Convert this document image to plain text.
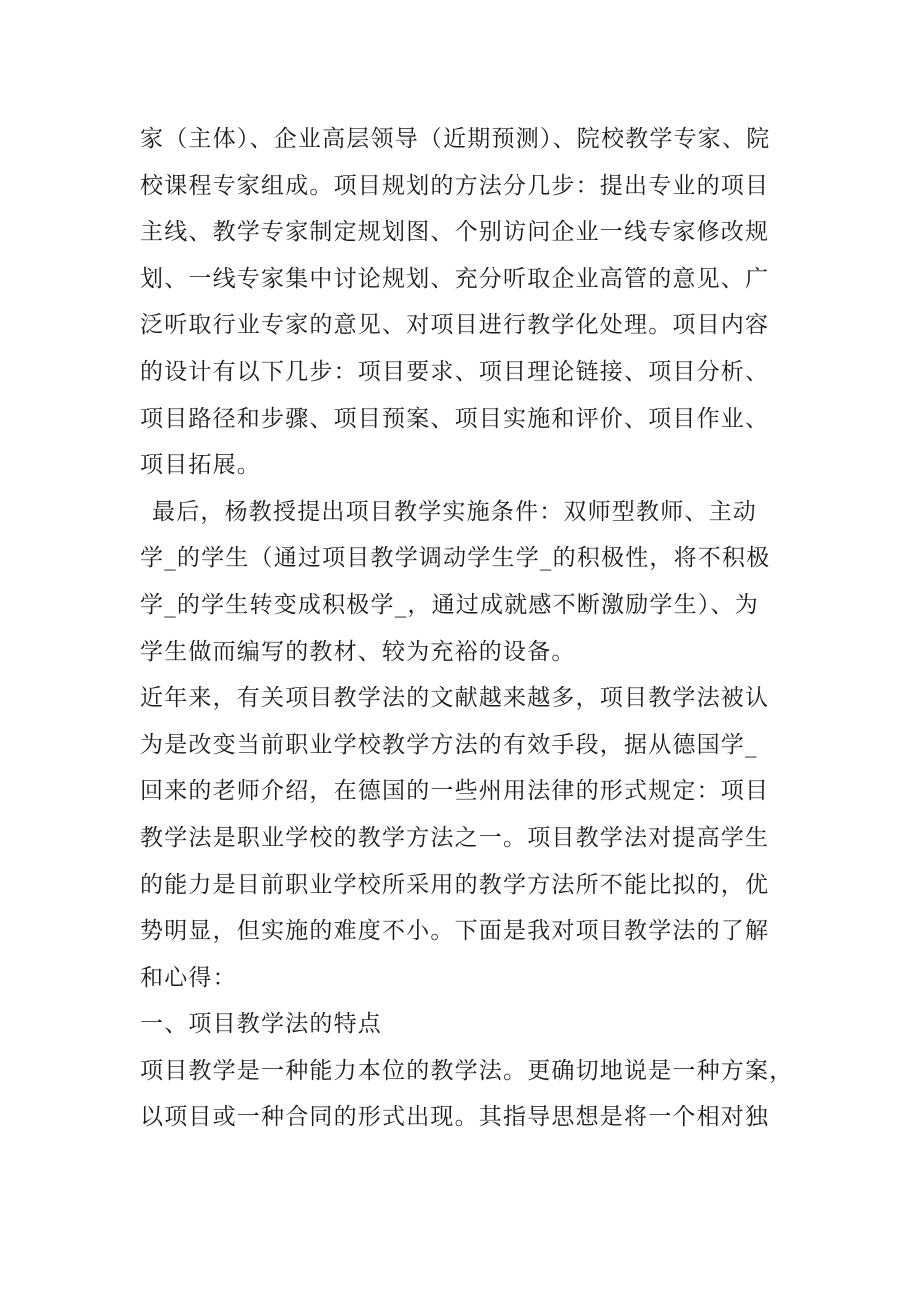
家（主体）、企业高层领导（近期预测）、院校教学专家、院
校课程专家组成。项目规划的方法分几步：提出专业的项目
主线、教学专家制定规划图、个别访问企业一线专家修改规
划、一线专家集中讨论规划、充分听取企业高管的意见、广
泛听取行业专家的意见、对项目进行教学化处理。项目内容
的设计有以下几步：项目要求、项目理论链接、项目分析、
项目路径和步骤、项目预案、项目实施和评价、项目作业、
项目拓展。
最后，杨教授提出项目教学实施条件：双师型教师、主动
学_的学生（通过项目教学调动学生学_的积极性，将不积极
学_的学生转变成积极学_，通过成就感不断激励学生）、为
学生做而编写的教材、较为充裕的设备。
近年来，有关项目教学法的文献越来越多，项目教学法被认
为是改变当前职业学校教学方法的有效手段，据从德国学_
回来的老师介绍，在德国的一些州用法律的形式规定：项目
教学法是职业学校的教学方法之一。项目教学法对提高学生
的能力是目前职业学校所采用的教学方法所不能比拟的，优
势明显，但实施的难度不小。下面是我对项目教学法的了解
和心得：
一、项目教学法的特点
项目教学是一种能力本位的教学法。更确切地说是一种方案，
以项目或一种合同的形式出现。其指导思想是将一个相对独
